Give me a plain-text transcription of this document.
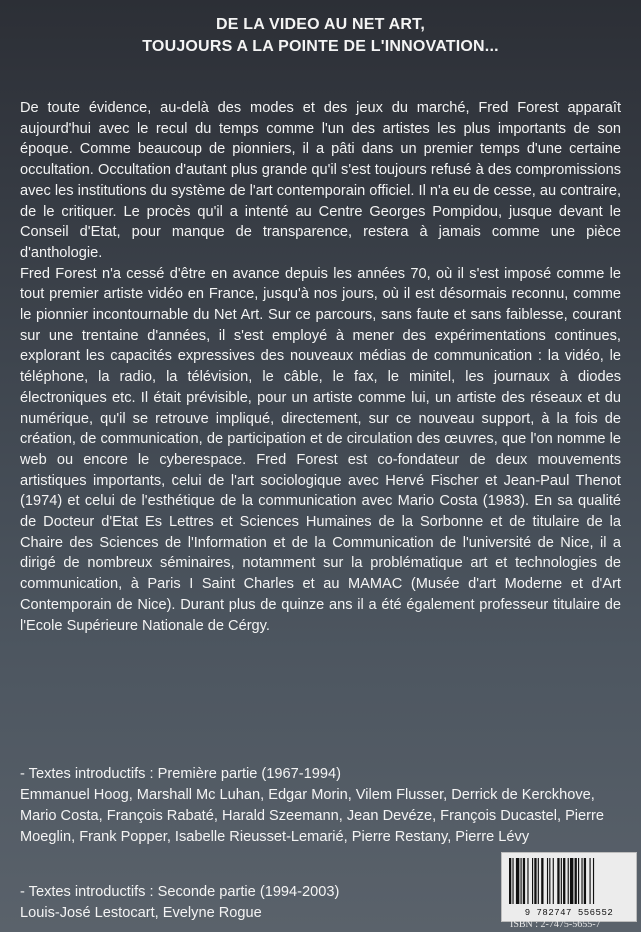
DE LA VIDEO AU NET ART,
TOUJOURS A LA POINTE DE L'INNOVATION...

De toute évidence, au-delà des modes et des jeux du marché, Fred Forest apparaît aujourd'hui avec le recul du temps comme l'un des artistes les plus importants de son époque. Comme beaucoup de pionniers, il a pâti dans un premier temps d'une certaine occultation. Occultation d'autant plus grande qu'il s'est toujours refusé à des compromissions avec les institutions du système de l'art contemporain officiel. Il n'a eu de cesse, au contraire, de le critiquer. Le procès qu'il a intenté au Centre Georges Pompidou, jusque devant le Conseil d'Etat, pour manque de transparence, restera à jamais comme une pièce d'anthologie.

Fred Forest n'a cessé d'être en avance depuis les années 70, où il s'est imposé comme le tout premier artiste vidéo en France, jusqu'à nos jours, où il est désormais reconnu, comme le pionnier incontournable du Net Art. Sur ce parcours, sans faute et sans faiblesse, courant sur une trentaine d'années, il s'est employé à mener des expérimentations continues, explorant les capacités expressives des nouveaux médias de communication : la vidéo, le téléphone, la radio, la télévision, le câble, le fax, le minitel, les journaux à diodes électroniques etc. Il était prévisible, pour un artiste comme lui, un artiste des réseaux et du numérique, qu'il se retrouve impliqué, directement, sur ce nouveau support, à la fois de création, de communication, de participation et de circulation des œuvres, que l'on nomme le web ou encore le cyberespace. Fred Forest est co-fondateur de deux mouvements artistiques importants, celui de l'art sociologique avec Hervé Fischer et Jean-Paul Thenot (1974) et celui de l'esthétique de la communication avec Mario Costa (1983). En sa qualité de Docteur d'Etat Es Lettres et Sciences Humaines de la Sorbonne et de titulaire de la Chaire des Sciences de l'Information et de la Communication de l'université de Nice, il a dirigé de nombreux séminaires, notamment sur la problématique art et technologies de communication, à Paris I Saint Charles et au MAMAC (Musée d'art Moderne et d'Art Contemporain de Nice). Durant plus de quinze ans il a été également professeur titulaire de l'Ecole Supérieure Nationale de Cérgy.

- Textes introductifs : Première partie (1967-1994)
Emmanuel Hoog, Marshall Mc Luhan, Edgar Morin, Vilem Flusser, Derrick de Kerckhove, Mario Costa, François Rabaté, Harald Szeemann, Jean Devéze, François Ducastel, Pierre Moeglin, Frank Popper, Isabelle Rieusset-Lemarié, Pierre Restany, Pierre Lévy
- Textes introductifs : Seconde partie (1994-2003)
Louis-José Lestocart, Evelyne Rogue	9 782747 556552
ISBN : 2-7475-5655-7
